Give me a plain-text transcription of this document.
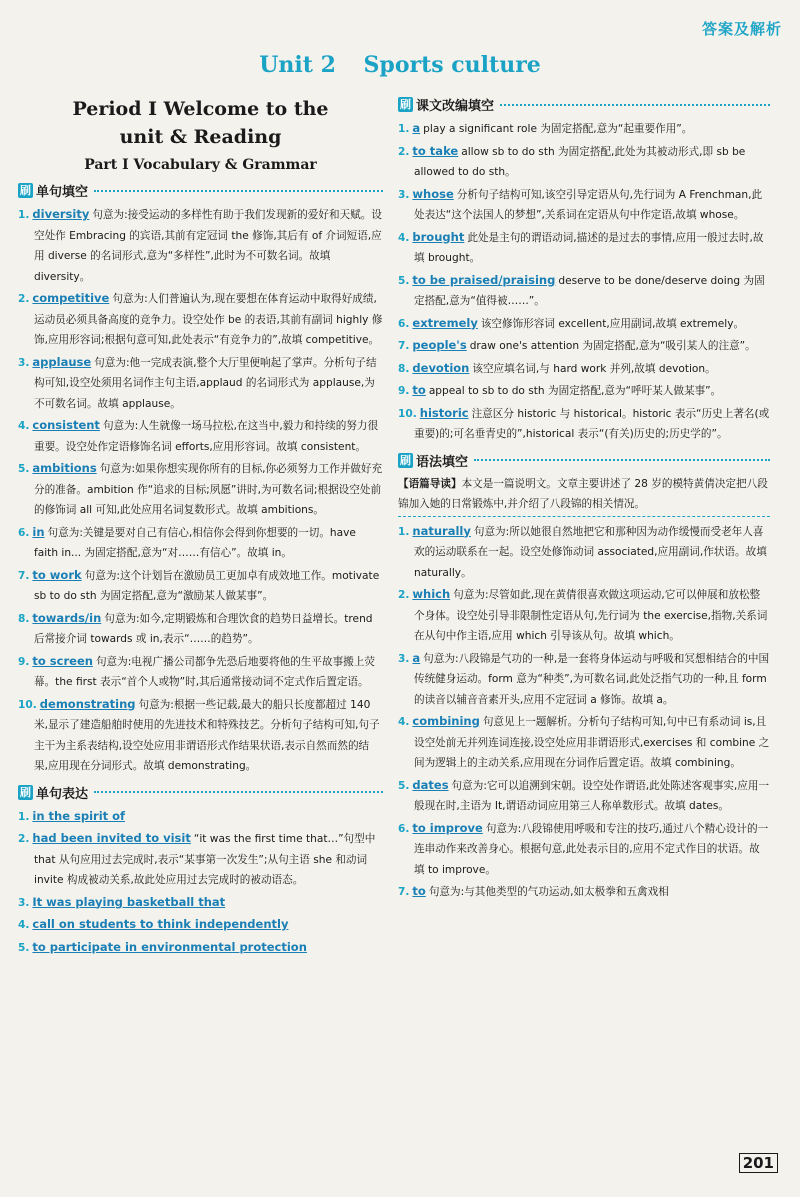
答案及解析
Unit 2 Sports culture
Period Ⅰ Welcome to the
unit & Reading
Part Ⅰ Vocabulary & Grammar
刷 单句填空
1. diversity 句意为:接受运动的多样性有助于我们发现新的爱好和天赋。设空处作 Embracing 的宾语,其前有定冠词 the 修饰,其后有 of 介词短语,应用 diverse 的名词形式,意为“多样性”,此时为不可数名词。故填 diversity。
2. competitive 句意为:人们普遍认为,现在要想在体育运动中取得好成绩,运动员必须具备高度的竞争力。设空处作 be 的表语,其前有副词 highly 修饰,应用形容词;根据句意可知,此处表示“有竞争力的”,故填 competitive。
3. applause 句意为:他一完成表演,整个大厅里便响起了掌声。分析句子结构可知,设空处须用名词作主句主语,applaud 的名词形式为 applause,为不可数名词。故填 applause。
4. consistent 句意为:人生就像一场马拉松,在这当中,毅力和持续的努力很重要。设空处作定语修饰名词 efforts,应用形容词。故填 consistent。
5. ambitions 句意为:如果你想实现你所有的目标,你必须努力工作并做好充分的准备。ambition 作“追求的目标;夙愿”讲时,为可数名词;根据设空处前的修饰词 all 可知,此处应用名词复数形式。故填 ambitions。
6. in 句意为:关键是要对自己有信心,相信你会得到你想要的一切。have faith in... 为固定搭配,意为“对……有信心”。故填 in。
7. to work 句意为:这个计划旨在激励员工更加卓有成效地工作。motivate sb to do sth 为固定搭配,意为“激励某人做某事”。
8. towards/in 句意为:如今,定期锻炼和合理饮食的趋势日益增长。trend 后常接介词 towards 或 in,表示“……的趋势”。
9. to screen 句意为:电视广播公司都争先恐后地要将他的生平故事搬上荧幕。the first 表示“首个人或物”时,其后通常接动词不定式作后置定语。
10. demonstrating 句意为:根据一些记载,最大的船只长度都超过 140 米,显示了建造船舶时使用的先进技术和特殊技艺。分析句子结构可知,句子主干为主系表结构,设空处应用非谓语形式作结果状语,表示自然而然的结果,应用现在分词形式。故填 demonstrating。
刷 单句表达
1. in the spirit of
2. had been invited to visit “it was the first time that…”句型中 that 从句应用过去完成时,表示“某事第一次发生”;从句主语 she 和动词 invite 构成被动关系,故此处应用过去完成时的被动语态。
3. It was playing basketball that
4. call on students to think independently
5. to participate in environmental protection
刷 课文改编填空
1. a play a significant role 为固定搭配,意为“起重要作用”。
2. to take allow sb to do sth 为固定搭配,此处为其被动形式,即 sb be allowed to do sth。
3. whose 分析句子结构可知,该空引导定语从句,先行词为 A Frenchman,此处表达“这个法国人的梦想”,关系词在定语从句中作定语,故填 whose。
4. brought 此处是主句的谓语动词,描述的是过去的事情,应用一般过去时,故填 brought。
5. to be praised/praising deserve to be done/deserve doing 为固定搭配,意为“值得被……”。
6. extremely 该空修饰形容词 excellent,应用副词,故填 extremely。
7. people's draw one's attention 为固定搭配,意为“吸引某人的注意”。
8. devotion 该空应填名词,与 hard work 并列,故填 devotion。
9. to appeal to sb to do sth 为固定搭配,意为“呼吁某人做某事”。
10. historic 注意区分 historic 与 historical。historic 表示“历史上著名(或重要)的;可名垂青史的”,historical 表示“(有关)历史的;历史学的”。
刷 语法填空
【语篇导读】本文是一篇说明文。文章主要讲述了 28 岁的模特黄倩决定把八段锦加入她的日常锻炼中,并介绍了八段锦的相关情况。
1. naturally 句意为:所以她很自然地把它和那种因为动作缓慢而受老年人喜欢的运动联系在一起。设空处修饰动词 associated,应用副词,作状语。故填 naturally。
2. which 句意为:尽管如此,现在黄倩很喜欢做这项运动,它可以伸展和放松整个身体。设空处引导非限制性定语从句,先行词为 the exercise,指物,关系词在从句中作主语,应用 which 引导该从句。故填 which。
3. a 句意为:八段锦是气功的一种,是一套将身体运动与呼吸和冥想相结合的中国传统健身运动。form 意为“种类”,为可数名词,此处泛指气功的一种,且 form 的读音以辅音音素开头,应用不定冠词 a 修饰。故填 a。
4. combining 句意见上一题解析。分析句子结构可知,句中已有系动词 is,且设空处前无并列连词连接,设空处应用非谓语形式,exercises 和 combine 之间为逻辑上的主动关系,应用现在分词作后置定语。故填 combining。
5. dates 句意为:它可以追溯到宋朝。设空处作谓语,此处陈述客观事实,应用一般现在时,主语为 It,谓语动词应用第三人称单数形式。故填 dates。
6. to improve 句意为:八段锦使用呼吸和专注的技巧,通过八个精心设计的一连串动作来改善身心。根据句意,此处表示目的,应用不定式作目的状语。故填 to improve。
7. to 句意为:与其他类型的气功运动,如太极拳和五禽戏相
201
